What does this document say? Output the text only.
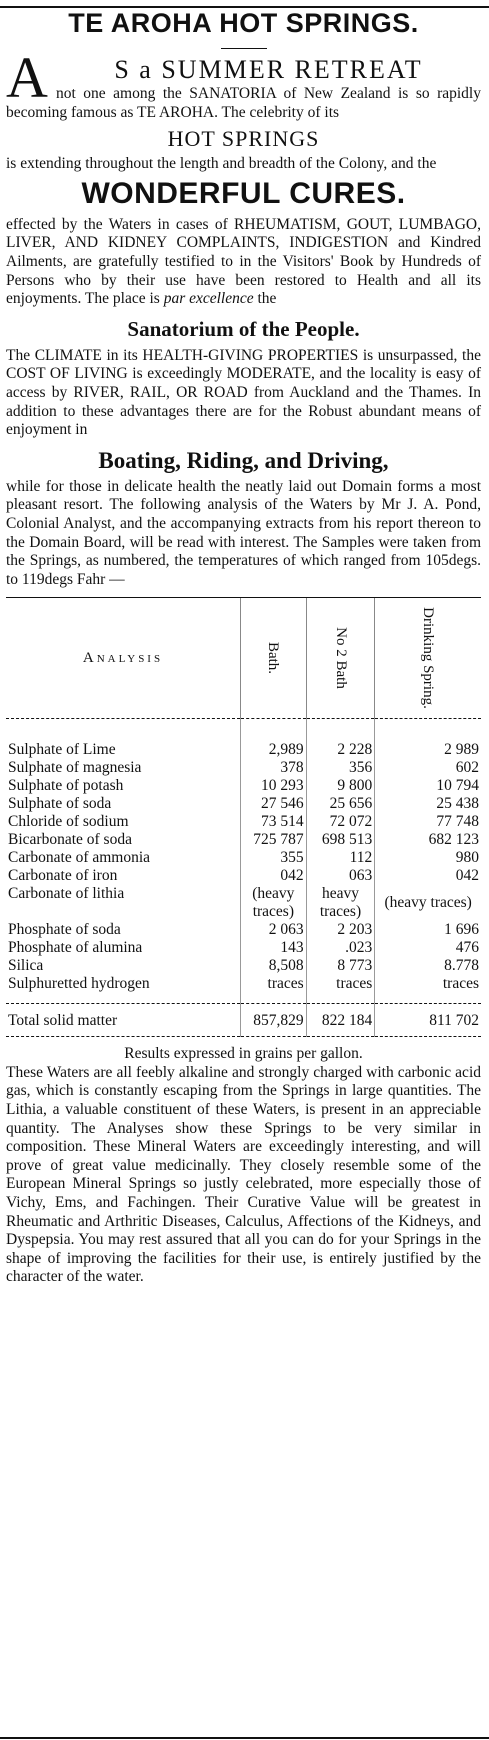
TE AROHA HOT SPRINGS.
A	S a SUMMER RETREAT

not one among the SANATORIA of New Zealand is so rapidly becoming famous as TE AROHA. The celebrity of its

HOT SPRINGS

is extending throughout the length and breadth of the Colony, and the

WONDERFUL CURES.

effected by the Waters in cases of RHEUMATISM, GOUT, LUMBAGO, LIVER, AND KIDNEY COMPLAINTS, INDIGESTION and Kindred Ailments, are gratefully testified to in the Visitors' Book by Hundreds of Persons who by their use have been restored to Health and all its enjoyments. The place is par excellence the

Sanatorium of the People.

The CLIMATE in its HEALTH-GIVING PROPERTIES is unsurpassed, the COST OF LIVING is exceedingly MODERATE, and the locality is easy of access by RIVER, RAIL, OR ROAD from Auckland and the Thames. In addition to these advantages there are for the Robust abundant means of enjoyment in

Boating, Riding, and Driving,

while for those in delicate health the neatly laid out Domain forms a most pleasant resort. The following analysis of the Waters by Mr J. A. Pond, Colonial Analyst, and the accompanying extracts from his report thereon to the Domain Board, will be read with interest. The Samples were taken from the Springs, as numbered, the temperatures of which ranged from 105degs. to 119degs Fahr —

Analysis	Bath.	No 2 Bath	Drinking Spring.
Sulphate of Lime	2,989	2 228	2 989
Sulphate of magnesia	378	356	602
Sulphate of potash	10 293	9 800	10 794
Sulphate of soda	27 546	25 656	25 438
Chloride of sodium	73 514	72 072	77 748
Bicarbonate of soda	725 787	698 513	682 123
Carbonate of ammonia	355	112	980
Carbonate of iron	042	063	042
Carbonate of lithia	(heavy traces)	heavy traces)	(heavy traces)
Phosphate of soda	2 063	2 203	1 696
Phosphate of alumina	143	.023	476
Silica	8,508	8 773	8.778
Sulphuretted hydrogen	traces	traces	traces
Total solid matter	857,829	822 184	811 702

Results expressed in grains per gallon.

These Waters are all feebly alkaline and strongly charged with carbonic acid gas, which is constantly escaping from the Springs in large quantities. The Lithia, a valuable constituent of these Waters, is present in an appreciable quantity. The Analyses show these Springs to be very similar in composition. These Mineral Waters are exceedingly interesting, and will prove of great value medicinally. They closely resemble some of the European Mineral Springs so justly celebrated, more especially those of Vichy, Ems, and Fachingen. Their Curative Value will be greatest in Rheumatic and Arthritic Diseases, Calculus, Affections of the Kidneys, and Dyspepsia. You may rest assured that all you can do for your Springs in the shape of improving the facilities for their use, is entirely justified by the character of the water.
